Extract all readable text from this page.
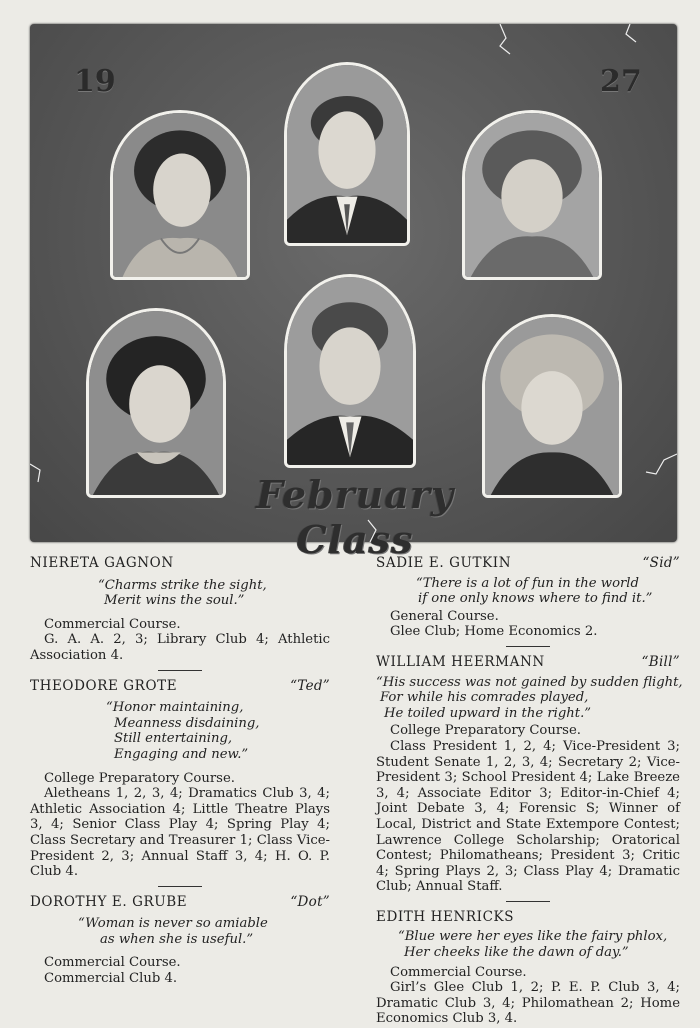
19	27
February Class
NIERETA GAGNON
“Charms strike the sight,
Merit wins the soul.”
Commercial Course.
G. A. A. 2, 3; Library Club 4; Athletic Association 4.
THEODORE GROTE	“Ted”
“Honor maintaining,
Meanness disdaining,
Still entertaining,
Engaging and new.”
College Preparatory Course.
Aletheans 1, 2, 3, 4; Dramatics Club 3, 4; Athletic Association 4; Little Theatre Plays 3, 4; Senior Class Play 4; Spring Play 4; Class Secretary and Treasurer 1; Class Vice-President 2, 3; Annual Staff 3, 4; H. O. P. Club 4.
DOROTHY E. GRUBE	“Dot”
“Woman is never so amiable
as when she is useful.”
Commercial Course.
Commercial Club 4.
SADIE E. GUTKIN	“Sid”
“There is a lot of fun in the world
if one only knows where to find it.”
General Course.
Glee Club; Home Economics 2.
WILLIAM HEERMANN	“Bill”
“His success was not gained by sudden flight,
For while his comrades played,
He toiled upward in the right.”
College Preparatory Course.
Class President 1, 2, 4; Vice-President 3; Student Senate 1, 2, 3, 4; Secretary 2; Vice-President 3; School President 4; Lake Breeze 3, 4; Associate Editor 3; Editor-in-Chief 4; Joint Debate 3, 4; Forensic S; Winner of Local, District and State Extempore Contest; Lawrence College Scholarship; Oratorical Contest; Philomatheans; President 3; Critic 4; Spring Plays 2, 3; Class Play 4; Dramatic Club; Annual Staff.
EDITH HENRICKS
“Blue were her eyes like the fairy phlox,
Her cheeks like the dawn of day.”
Commercial Course.
Girl’s Glee Club 1, 2; P. E. P. Club 3, 4; Dramatic Club 3, 4; Philomathean 2; Home Economics Club 3, 4.
